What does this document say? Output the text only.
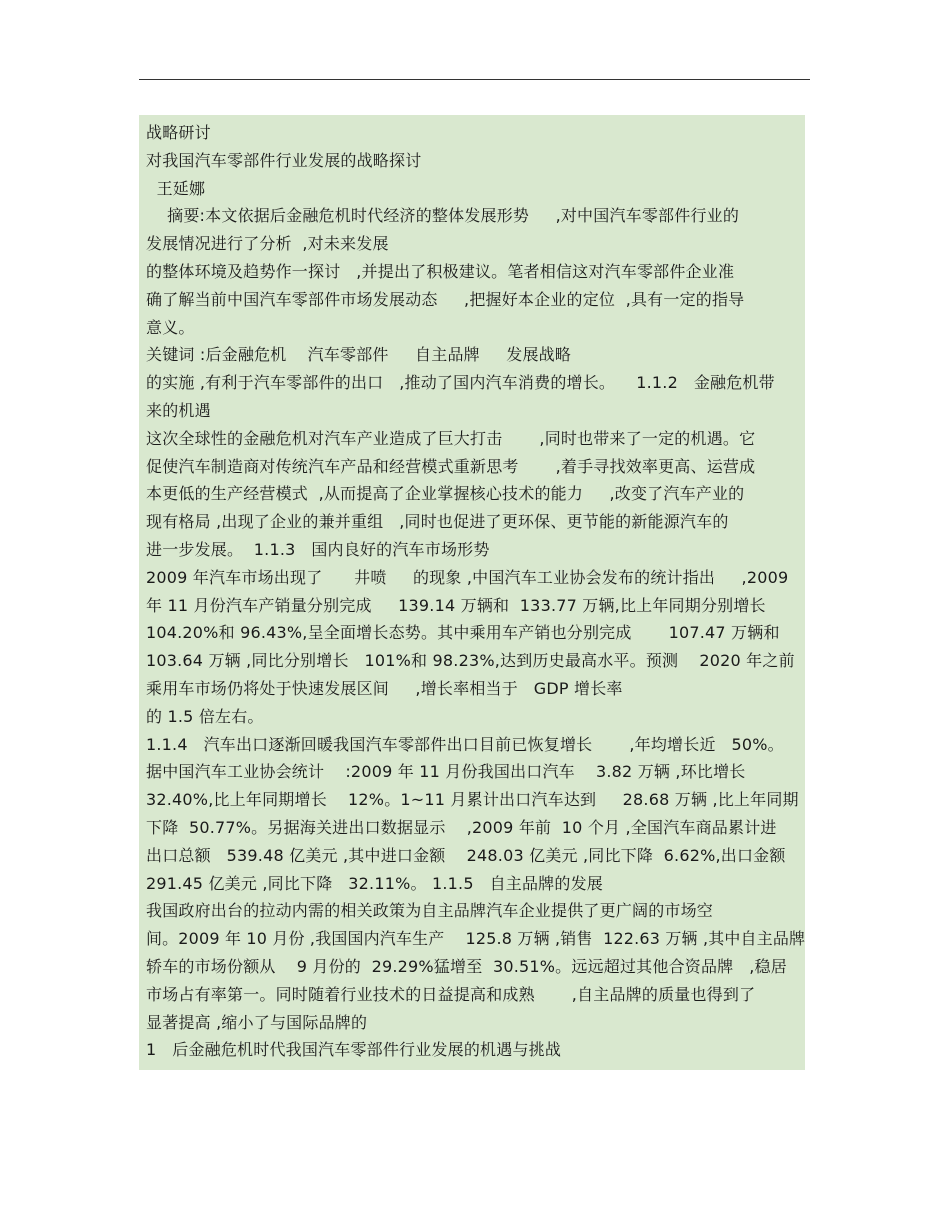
战略研讨
对我国汽车零部件行业发展的战略探讨
王延娜
摘要:本文依据后金融危机时代经济的整体发展形势     ,对中国汽车零部件行业的
发展情况进行了分析  ,对未来发展
的整体环境及趋势作一探讨   ,并提出了积极建议。笔者相信这对汽车零部件企业准
确了解当前中国汽车零部件市场发展动态     ,把握好本企业的定位  ,具有一定的指导
意义。
关键词 :后金融危机    汽车零部件     自主品牌     发展战略
的实施 ,有利于汽车零部件的出口   ,推动了国内汽车消费的增长。    1.1.2   金融危机带
来的机遇
这次全球性的金融危机对汽车产业造成了巨大打击       ,同时也带来了一定的机遇。它
促使汽车制造商对传统汽车产品和经营模式重新思考       ,着手寻找效率更高、运营成
本更低的生产经营模式  ,从而提高了企业掌握核心技术的能力     ,改变了汽车产业的
现有格局 ,出现了企业的兼并重组   ,同时也促进了更环保、更节能的新能源汽车的
进一步发展。  1.1.3   国内良好的汽车市场形势
2009 年汽车市场出现了      井喷     的现象 ,中国汽车工业协会发布的统计指出     ,2009
年 11 月份汽车产销量分别完成     139.14 万辆和  133.77 万辆,比上年同期分别增长
104.20%和 96.43%,呈全面增长态势。其中乘用车产销也分别完成       107.47 万辆和
103.64 万辆 ,同比分别增长   101%和 98.23%,达到历史最高水平。预测    2020 年之前
乘用车市场仍将处于快速发展区间     ,增长率相当于   GDP 增长率
的 1.5 倍左右。
1.1.4   汽车出口逐渐回暖我国汽车零部件出口目前已恢复增长       ,年均增长近   50%。
据中国汽车工业协会统计    :2009 年 11 月份我国出口汽车    3.82 万辆 ,环比增长
32.40%,比上年同期增长    12%。1~11 月累计出口汽车达到     28.68 万辆 ,比上年同期
下降  50.77%。另据海关进出口数据显示    ,2009 年前  10 个月 ,全国汽车商品累计进
出口总额   539.48 亿美元 ,其中进口金额    248.03 亿美元 ,同比下降  6.62%,出口金额
291.45 亿美元 ,同比下降   32.11%。 1.1.5   自主品牌的发展
我国政府出台的拉动内需的相关政策为自主品牌汽车企业提供了更广阔的市场空
间。2009 年 10 月份 ,我国国内汽车生产    125.8 万辆 ,销售  122.63 万辆 ,其中自主品牌
轿车的市场份额从    9 月份的  29.29%猛增至  30.51%。远远超过其他合资品牌   ,稳居
市场占有率第一。同时随着行业技术的日益提高和成熟       ,自主品牌的质量也得到了
显著提高 ,缩小了与国际品牌的
1   后金融危机时代我国汽车零部件行业发展的机遇与挑战
